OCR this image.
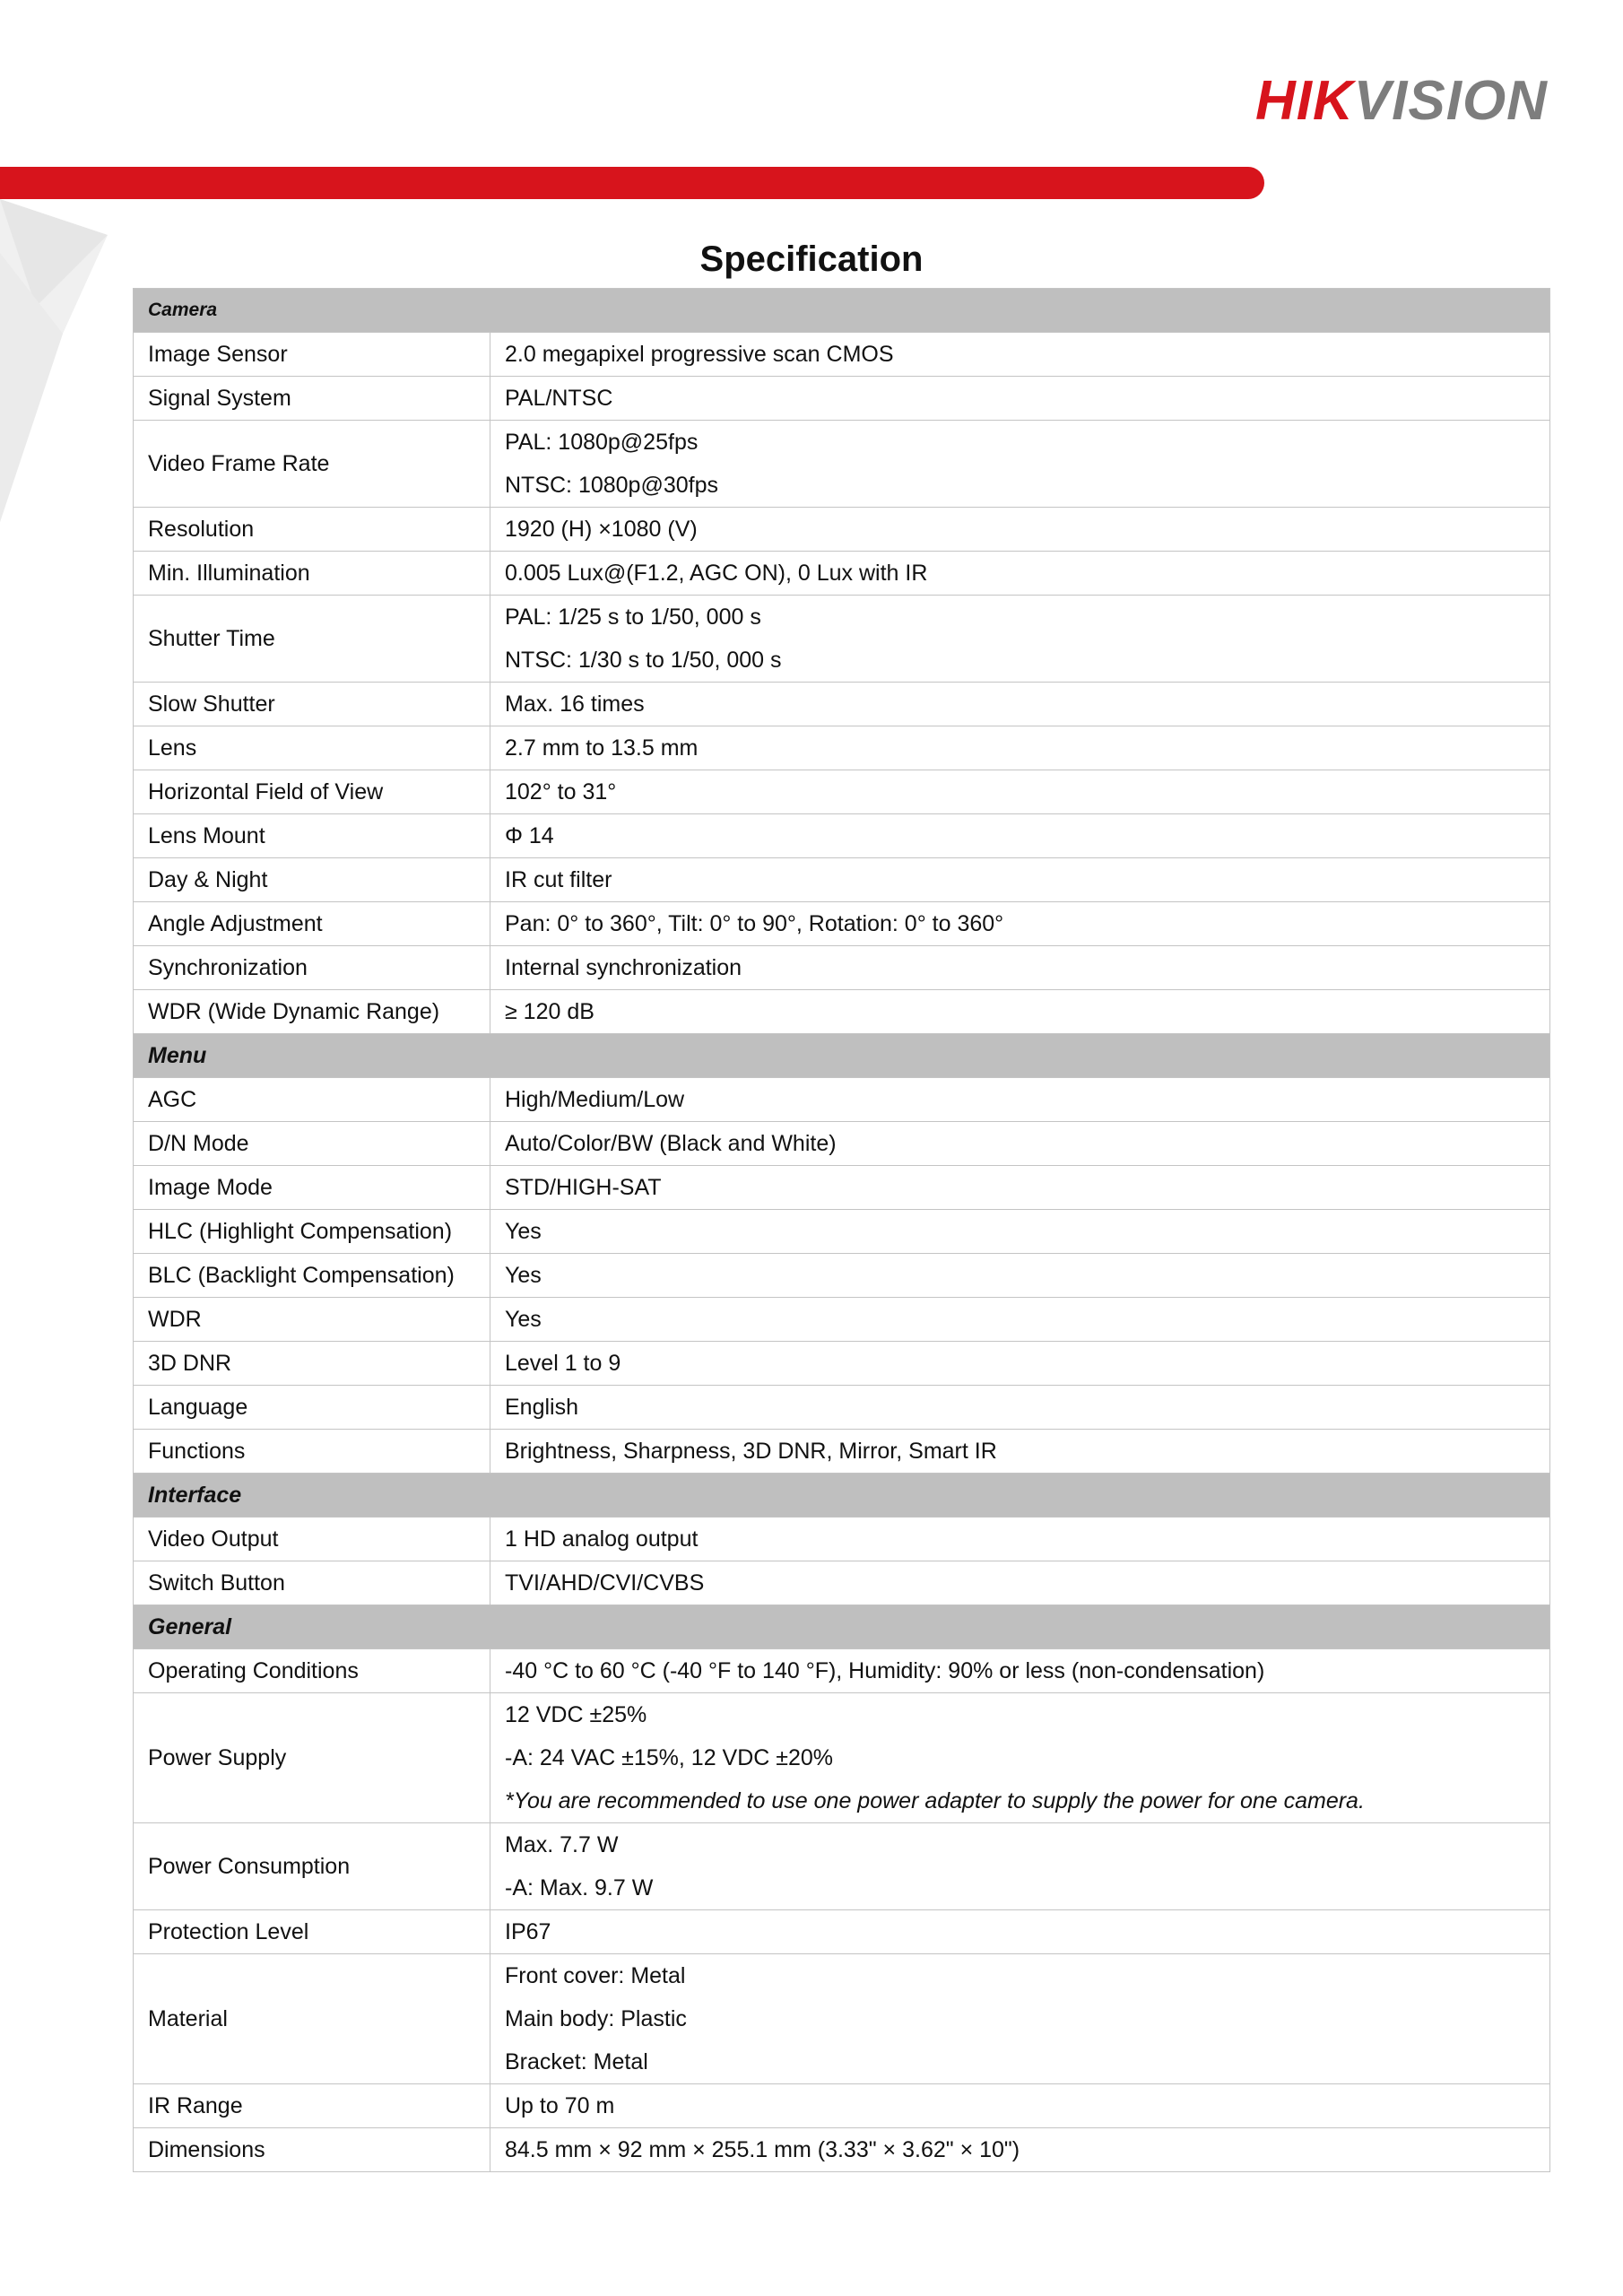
HIKVISION
Specification
Camera	
Image Sensor	2.0 megapixel progressive scan CMOS

Signal System	PAL/NTSC

Video Frame Rate	PAL: 1080p@25fps
NTSC: 1080p@30fps

Resolution	1920 (H) ×1080 (V)

Min. Illumination	0.005 Lux@(F1.2, AGC ON), 0 Lux with IR

Shutter Time	PAL: 1/25 s to 1/50, 000 s
NTSC: 1/30 s to 1/50, 000 s

Slow Shutter	Max. 16 times

Lens	2.7 mm to 13.5 mm

Horizontal Field of View	102° to 31°

Lens Mount	Φ 14

Day & Night	IR cut filter

Angle Adjustment	Pan: 0° to 360°, Tilt: 0° to 90°, Rotation: 0° to 360°

Synchronization	Internal synchronization

WDR (Wide Dynamic Range)	≥ 120 dB

Menu	
AGC	High/Medium/Low

D/N Mode	Auto/Color/BW (Black and White)

Image Mode	STD/HIGH-SAT

HLC (Highlight Compensation)	Yes

BLC (Backlight Compensation)	Yes

WDR	Yes

3D DNR	Level 1 to 9

Language	English

Functions	Brightness, Sharpness, 3D DNR, Mirror, Smart IR

Interface	
Video Output	1 HD analog output

Switch Button	TVI/AHD/CVI/CVBS

General	
Operating Conditions	-40 °C to 60 °C (-40 °F to 140 °F), Humidity: 90% or less (non-condensation)

Power Supply	12 VDC ±25%
-A: 24 VAC ±15%, 12 VDC ±20%
*You are recommended to use one power adapter to supply the power for one camera.

Power Consumption	Max. 7.7 W
-A: Max. 9.7 W

Protection Level	IP67

Material	Front cover: Metal
Main body: Plastic
Bracket: Metal

IR Range	Up to 70 m

Dimensions	84.5 mm × 92 mm × 255.1 mm (3.33" × 3.62" × 10")
